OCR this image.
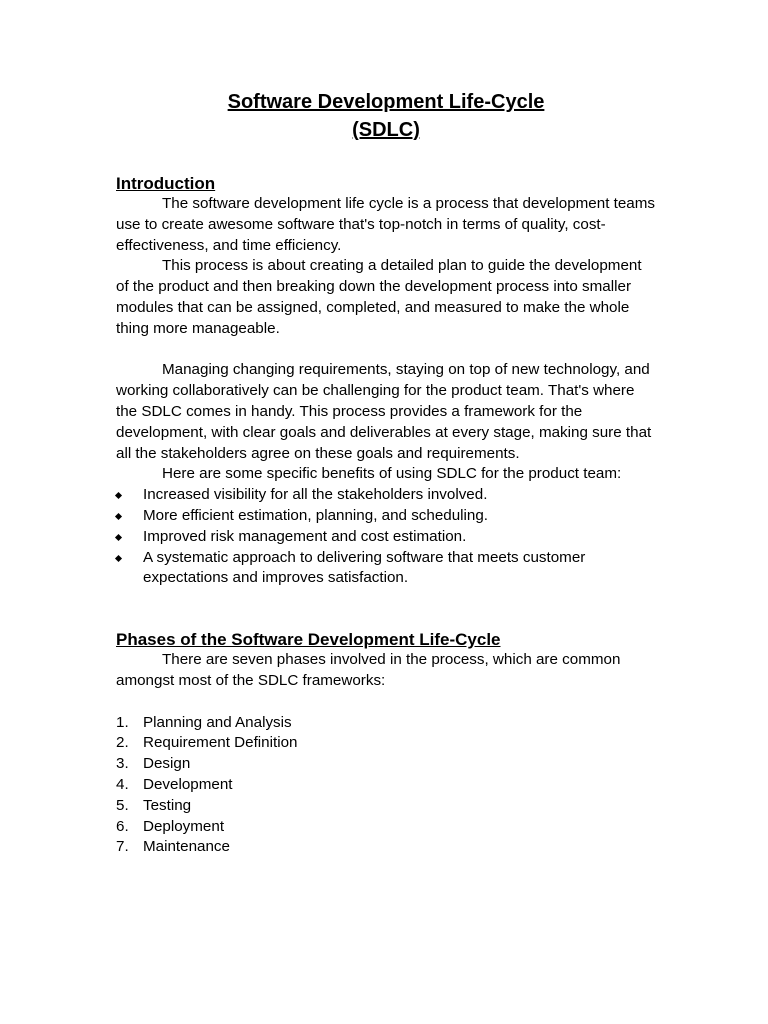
Software Development Life-Cycle
(SDLC)
Introduction

The software development life cycle is a process that development teams use to create awesome software that's top-notch in terms of quality, cost-effectiveness, and time efficiency.

This process is about creating a detailed plan to guide the development of the product and then breaking down the development process into smaller modules that can be assigned, completed, and measured to make the whole thing more manageable.

Managing changing requirements, staying on top of new technology, and working collaboratively can be challenging for the product team. That's where the SDLC comes in handy. This process provides a framework for the development, with clear goals and deliverables at every stage, making sure that all the stakeholders agree on these goals and requirements.

Here are some specific benefits of using SDLC for the product team:

Increased visibility for all the stakeholders involved.
More efficient estimation, planning, and scheduling.
Improved risk management and cost estimation.
A systematic approach to delivering software that meets customer expectations and improves satisfaction.
Phases of the Software Development Life-Cycle

There are seven phases involved in the process, which are common amongst most of the SDLC frameworks:

1. Planning and Analysis
2. Requirement Definition
3. Design
4. Development
5. Testing
6. Deployment
7. Maintenance
